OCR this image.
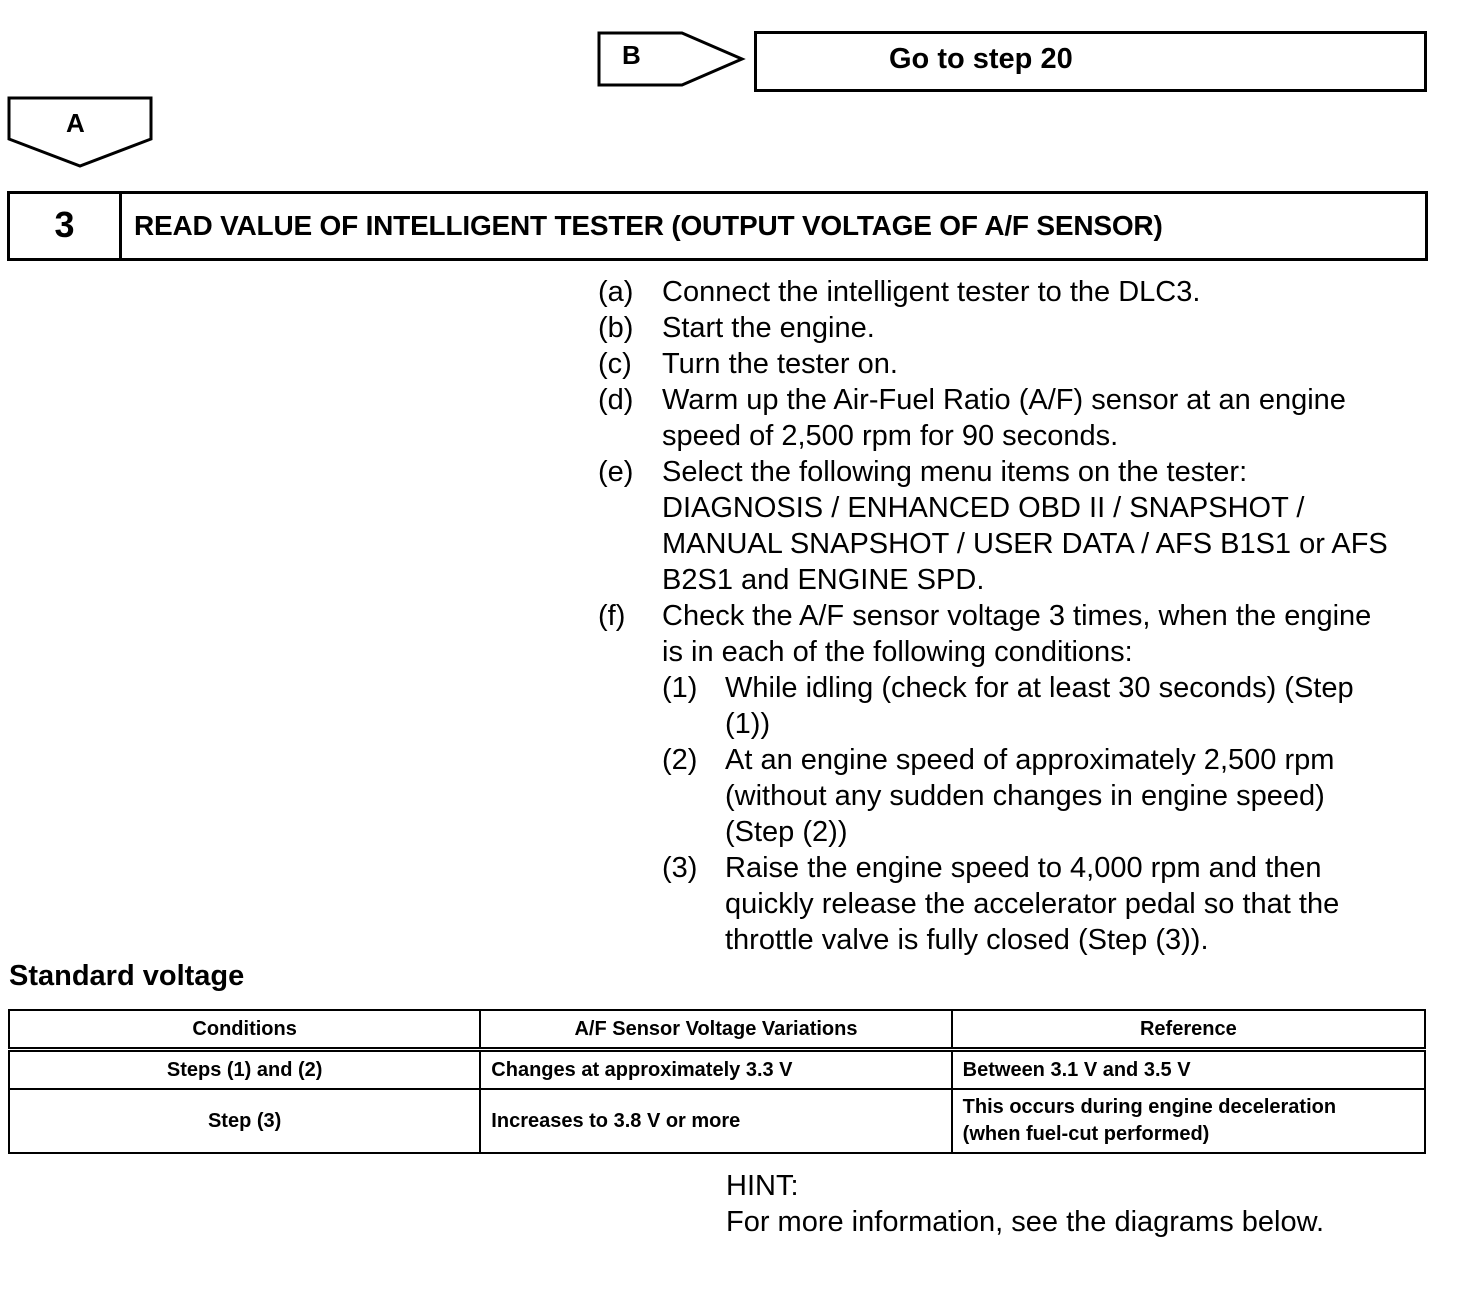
B	Go to step 20
A
3	READ VALUE OF INTELLIGENT TESTER (OUTPUT VOLTAGE OF A/F SENSOR)
(a) Connect the intelligent tester to the DLC3.
(b) Start the engine.
(c)	Turn the tester on.
(d) Warm up the Air-Fuel Ratio (A/F) sensor at an engine
speed of 2,500 rpm for 90 seconds.
(e) Select the following menu items on the tester:
DIAGNOSIS / ENHANCED OBD II / SNAPSHOT /
MANUAL SNAPSHOT / USER DATA / AFS B1S1 or AFS
B2S1 and ENGINE SPD.
(f)	Check the A/F sensor voltage 3 times, when the engine
is in each of the following conditions:
(1) While idling (check for at least 30 seconds) (Step
(1))
(2) At an engine speed of approximately 2,500 rpm
(without any sudden changes in engine speed)
(Step (2))
(3) Raise the engine speed to 4,000 rpm and then
quickly release the accelerator pedal so that the
throttle valve is fully closed (Step (3)).
Standard voltage
Conditions	A/F Sensor Voltage Variations	Reference
Steps (1) and (2)	Changes at approximately 3.3 V	Between 3.1 V and 3.5 V

Step (3)	Increases to 3.8 V or more	This occurs during engine deceleration
(when fuel-cut performed)
HINT:
For more information, see the diagrams below.
